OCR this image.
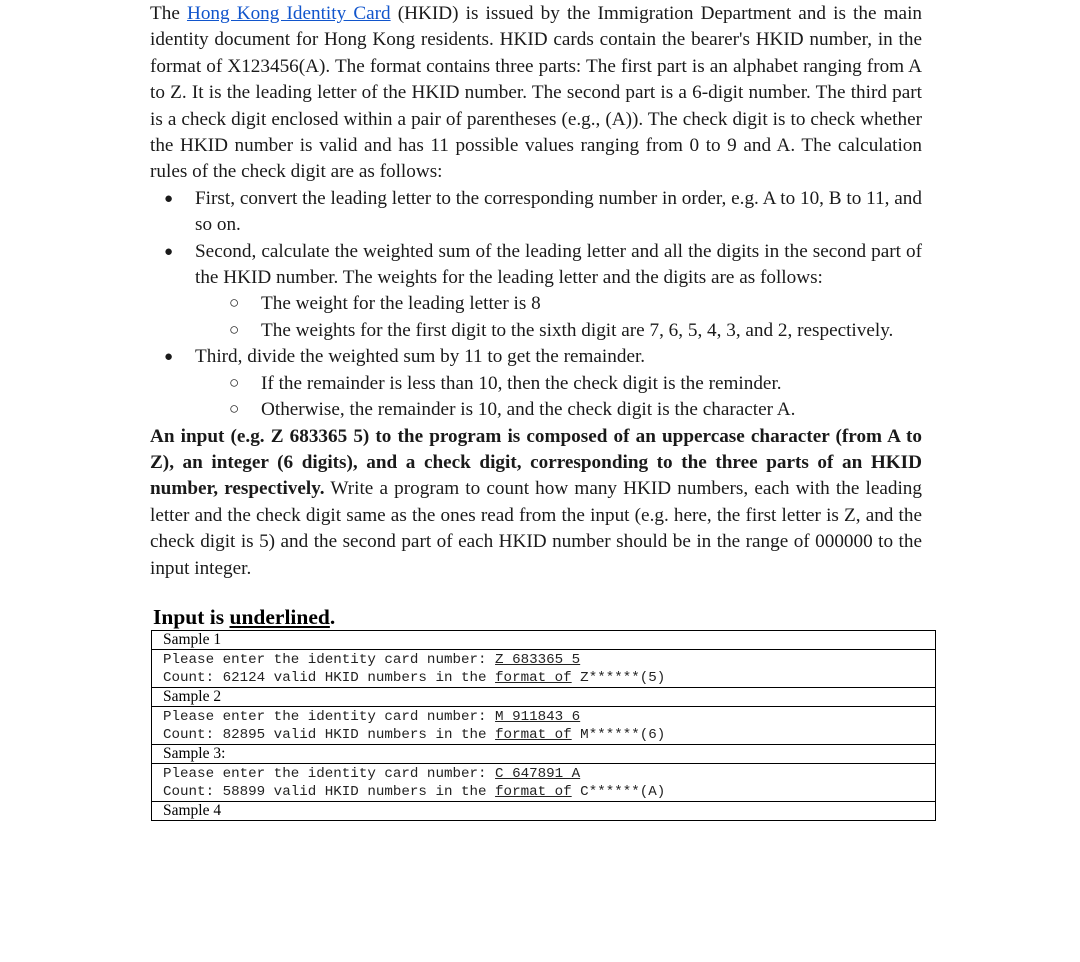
The Hong Kong Identity Card (HKID) is issued by the Immigration Department and is the main identity document for Hong Kong residents. HKID cards contain the bearer's HKID number, in the format of X123456(A). The format contains three parts: The first part is an alphabet ranging from A to Z. It is the leading letter of the HKID number. The second part is a 6-digit number. The third part is a check digit enclosed within a pair of parentheses (e.g., (A)). The check digit is to check whether the HKID number is valid and has 11 possible values ranging from 0 to 9 and A. The calculation rules of the check digit are as follows:

● First, convert the leading letter to the corresponding number in order, e.g. A to 10, B to 11, and so on.
● Second, calculate the weighted sum of the leading letter and all the digits in the second part of the HKID number. The weights for the leading letter and the digits are as follows:
○ The weight for the leading letter is 8
○ The weights for the first digit to the sixth digit are 7, 6, 5, 4, 3, and 2, respectively.
● Third, divide the weighted sum by 11 to get the remainder.
○ If the remainder is less than 10, then the check digit is the reminder.
○ Otherwise, the remainder is 10, and the check digit is the character A.

An input (e.g. Z 683365 5) to the program is composed of an uppercase character (from A to Z), an integer (6 digits), and a check digit, corresponding to the three parts of an HKID number, respectively. Write a program to count how many HKID numbers, each with the leading letter and the check digit same as the ones read from the input (e.g. here, the first letter is Z, and the check digit is 5) and the second part of each HKID number should be in the range of 000000 to the input integer.

Input is underlined.
Sample 1

Please enter the identity card number: Z 683365 5
Count: 62124 valid HKID numbers in the format of Z******(5)

Sample 2

Please enter the identity card number: M 911843 6
Count: 82895 valid HKID numbers in the format of M******(6)

Sample 3:

Please enter the identity card number: C 647891 A
Count: 58899 valid HKID numbers in the format of C******(A)

Sample 4
